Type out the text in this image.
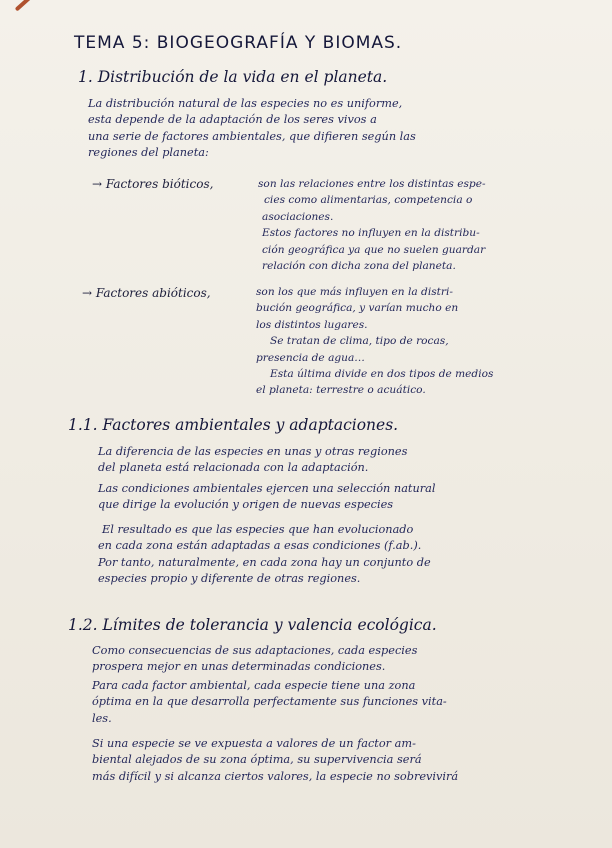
TEMA 5: BIOGEOGRAFÍA Y BIOMAS.
1. Distribución de la vida en el planeta.
La distribución natural de las especies no es uniforme,
esta depende de la adaptación de los seres vivos a
una serie de factores ambientales, que difieren según las
regiones del planeta:
→ Factores bióticos,	son las relaciones entre los distintas espe-
cies como alimentarias, competencia o
asociaciones.
Estos factores no influyen en la distribu-
ción geográfica ya que no suelen guardar
relación con dicha zona del planeta.
→ Factores abióticos,	son los que más influyen en la distri-
bución geográfica, y varían mucho en
los distintos lugares.
Se tratan de clima, tipo de rocas,
presencia de agua…
Esta última divide en dos tipos de medios
el planeta: terrestre o acuático.
1.1. Factores ambientales y adaptaciones.
La diferencia de las especies en unas y otras regiones
del planeta está relacionada con la adaptación.
Las condiciones ambientales ejercen una selección natural
que dirige la evolución y origen de nuevas especies
El resultado es que las especies que han evolucionado
en cada zona están adaptadas a esas condiciones (f.ab.).
Por tanto, naturalmente, en cada zona hay un conjunto de
especies propio y diferente de otras regiones.
1.2. Límites de tolerancia y valencia ecológica.
Como consecuencias de sus adaptaciones, cada especies
prospera mejor en unas determinadas condiciones.
Para cada factor ambiental, cada especie tiene una zona
óptima en la que desarrolla perfectamente sus funciones vita-
les.
Si una especie se ve expuesta a valores de un factor am-
biental alejados de su zona óptima, su supervivencia será
más difícil y si alcanza ciertos valores, la especie no sobrevivirá
